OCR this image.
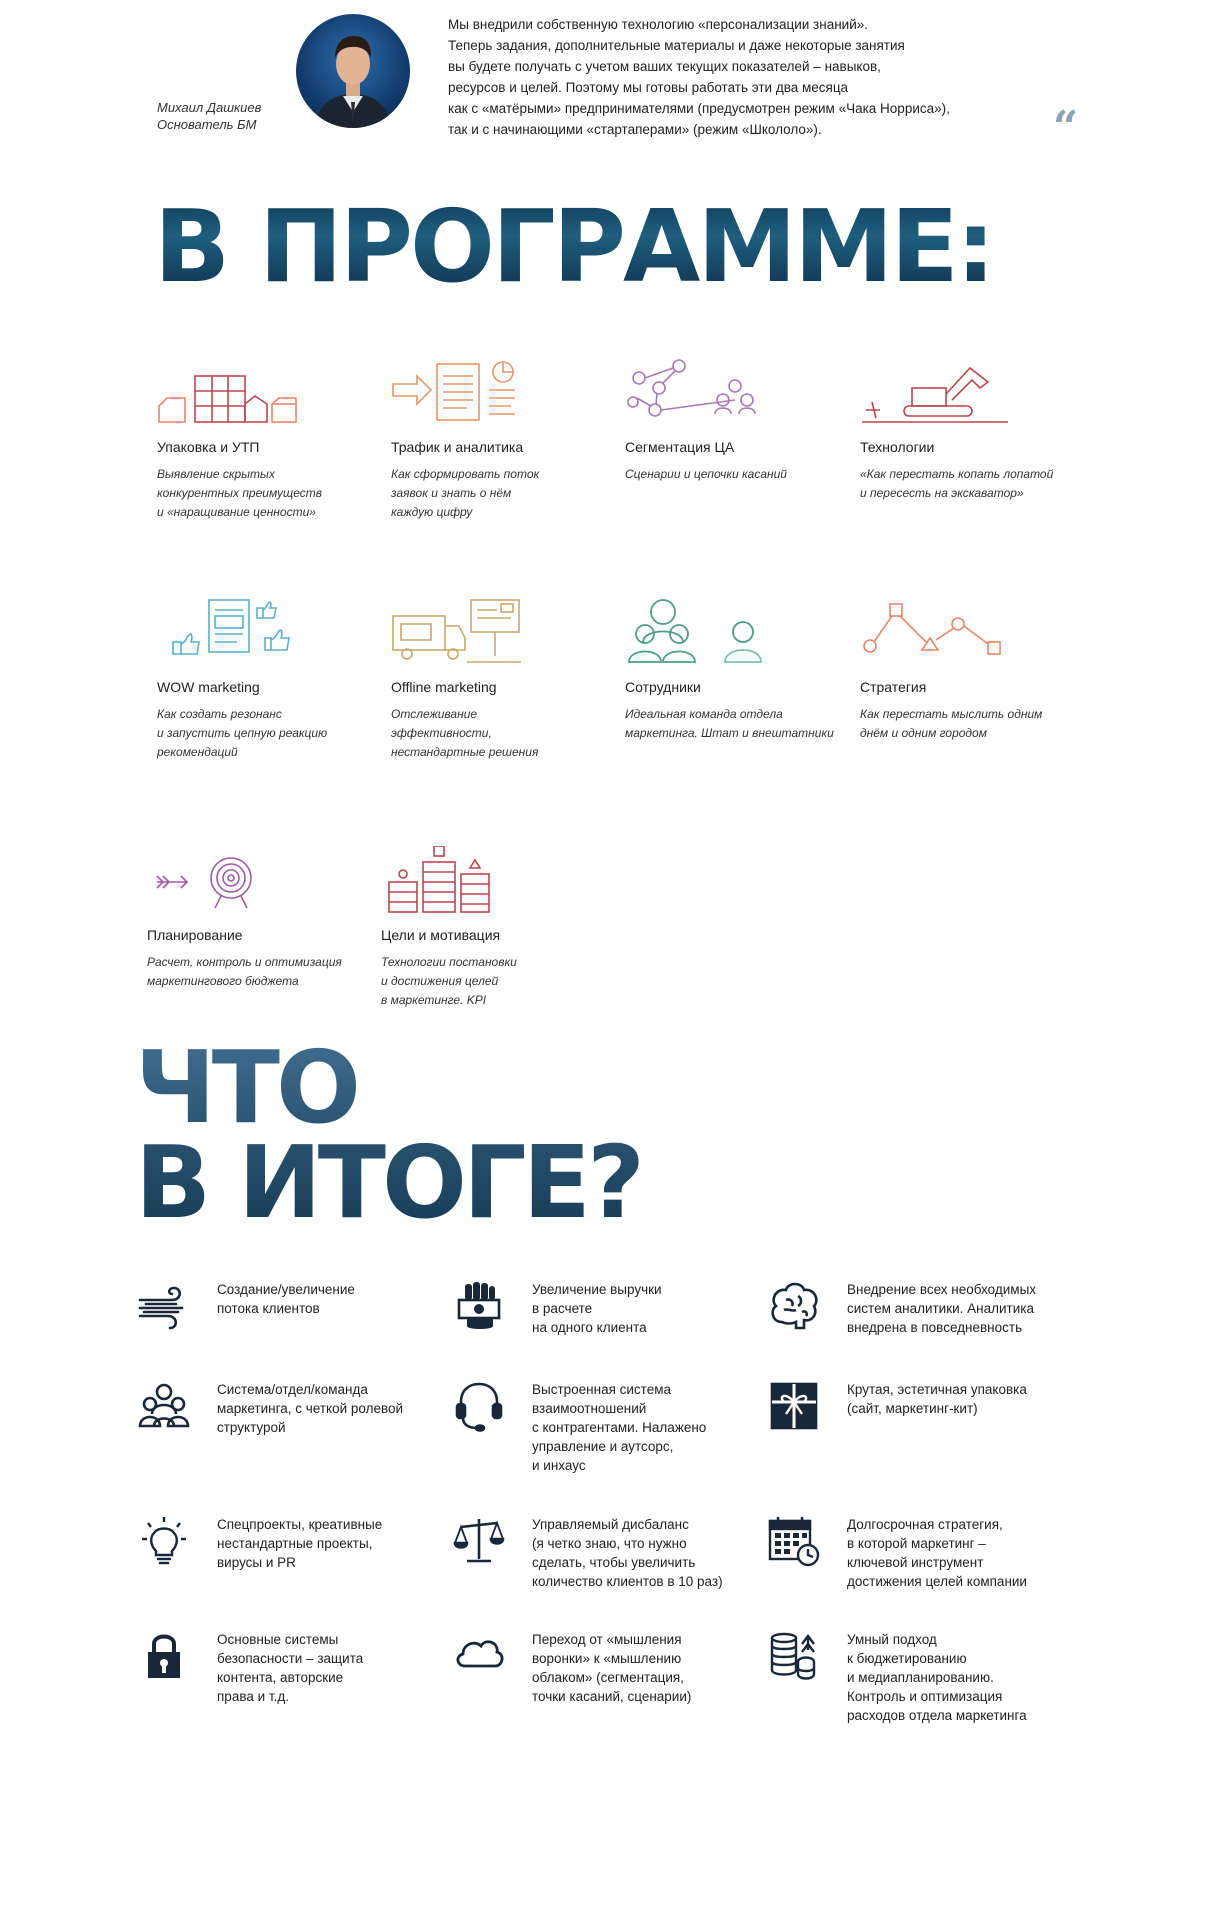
Михаил Дашкиев
Основатель БМ
Мы внедрили собственную технологию «персонализации знаний».
Теперь задания, дополнительные материалы и даже некоторые занятия
вы будете получать с учетом ваших текущих показателей – навыков,
ресурсов и целей. Поэтому мы готовы работать эти два месяца
как с «матёрыми» предпринимателями (предусмотрен режим «Чака Норриса»),
так и с начинающими «стартаперами» (режим «Школоло»).	“
В ПРОГРАММЕ:
Упаковка и УТП
Выявление скрытых
конкурентных преимуществ
и «наращивание ценности»
Трафик и аналитика
Как сформировать поток
заявок и знать о нём
каждую цифру
Сегментация ЦА
Сценарии и цепочки касаний
Технологии
«Как перестать копать лопатой
и пересесть на экскаватор»
WOW marketing
Как создать резонанс
и запустить цепную реакцию
рекомендаций
Offline marketing
Отслеживание
эффективности,
нестандартные решения
Сотрудники
Идеальная команда отдела
маркетинга. Штат и внештатники
Стратегия
Как перестать мыслить одним
днём и одним городом
Планирование
Расчет, контроль и оптимизация
маркетингового бюджета
Цели и мотивация
Технологии постановки
и достижения целей
в маркетинге. KPI
ЧТО
В ИТОГЕ?
Создание/увеличение
потока клиентов
Увеличение выручки
в расчете
на одного клиента
Внедрение всех необходимых
систем аналитики. Аналитика
внедрена в повседневность
Система/отдел/команда
маркетинга, с четкой ролевой
структурой
Выстроенная система
взаимоотношений
с контрагентами. Налажено
управление и аутсорс,
и инхаус
Крутая, эстетичная упаковка
(сайт, маркетинг-кит)
Спецпроекты, креативные
нестандартные проекты,
вирусы и PR
Управляемый дисбаланс
(я четко знаю, что нужно
сделать, чтобы увеличить
количество клиентов в 10 раз)
Долгосрочная стратегия,
в которой маркетинг –
ключевой инструмент
достижения целей компании
Основные системы
безопасности – защита
контента, авторские
права и т.д.
Переход от «мышления
воронки» к «мышлению
облаком» (сегментация,
точки касаний, сценарии)
Умный подход
к бюджетированию
и медиапланированию.
Контроль и оптимизация
расходов отдела маркетинга
